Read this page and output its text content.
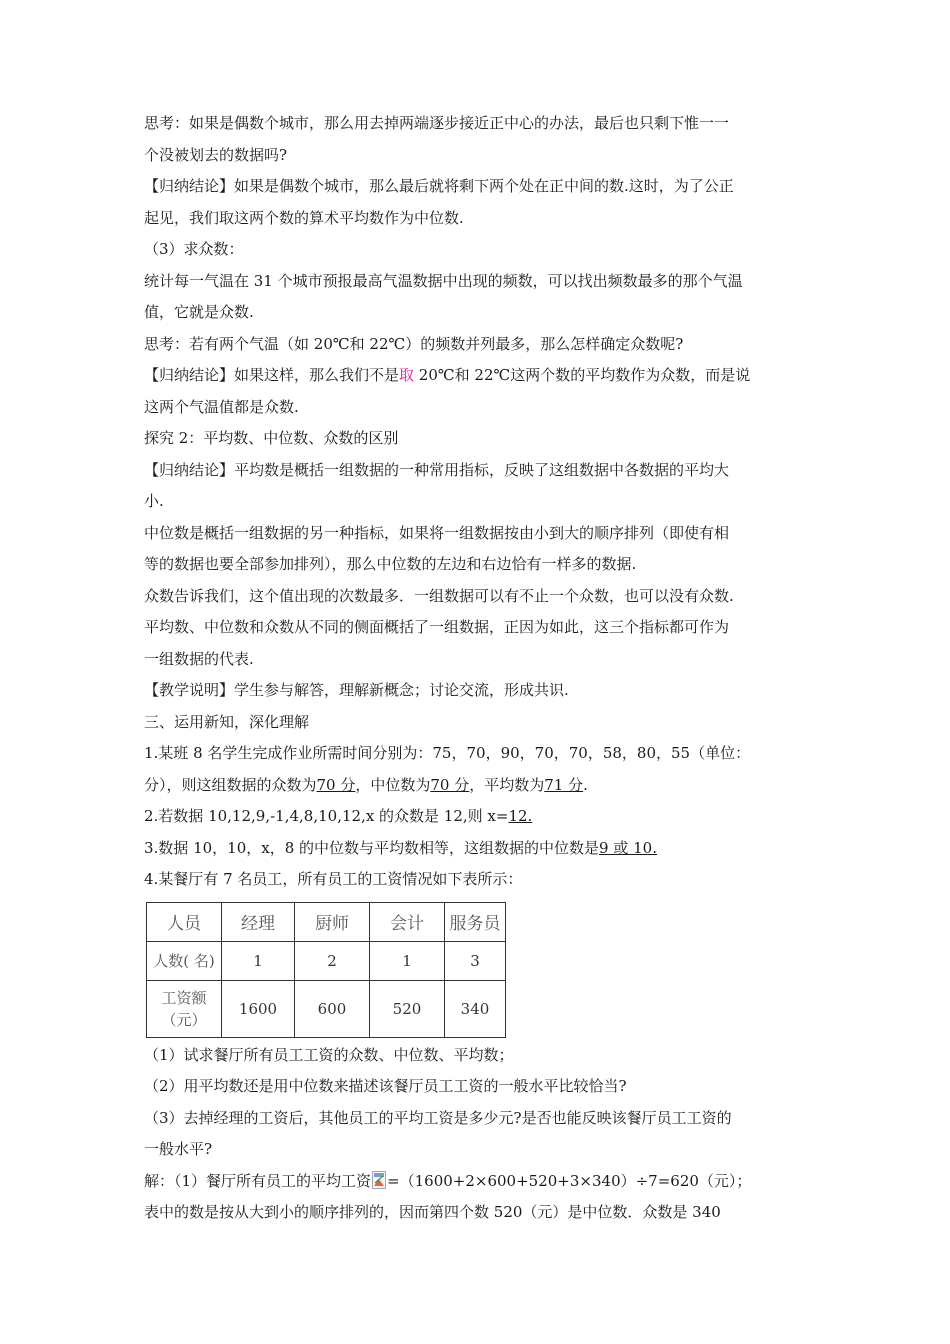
思考：如果是偶数个城市，那么用去掉两端逐步接近正中心的办法，最后也只剩下惟一一

个没被划去的数据吗?

【归纳结论】如果是偶数个城市，那么最后就将剩下两个处在正中间的数.这时，为了公正

起见，我们取这两个数的算术平均数作为中位数.

（3）求众数：

统计每一气温在 31 个城市预报最高气温数据中出现的频数，可以找出频数最多的那个气温

值，它就是众数.

思考：若有两个气温（如 20℃和 22℃）的频数并列最多，那么怎样确定众数呢?

【归纳结论】如果这样，那么我们不是取 20℃和 22℃这两个数的平均数作为众数，而是说

这两个气温值都是众数.

探究 2：平均数、中位数、众数的区别

【归纳结论】平均数是概括一组数据的一种常用指标，反映了这组数据中各数据的平均大

小.

中位数是概括一组数据的另一种指标，如果将一组数据按由小到大的顺序排列（即使有相

等的数据也要全部参加排列），那么中位数的左边和右边恰有一样多的数据.

众数告诉我们，这个值出现的次数最多．一组数据可以有不止一个众数，也可以没有众数.

平均数、中位数和众数从不同的侧面概括了一组数据，正因为如此，这三个指标都可作为

一组数据的代表.

【教学说明】学生参与解答，理解新概念；讨论交流，形成共识.

三、运用新知，深化理解

1.某班 8 名学生完成作业所需时间分别为：75，70，90，70，70，58，80，55（单位：

分），则这组数据的众数为70 分，中位数为70 分，平均数为71 分.

2.若数据 10,12,9,-1,4,8,10,12,x 的众数是 12,则 x=12.

3.数据 10，10，x，8 的中位数与平均数相等，这组数据的中位数是9 或 10.

4.某餐厅有 7 名员工，所有员工的工资情况如下表所示：

人员	经理	厨师	会计	服务员
人数( 名)	1	2	1	3
工资额
（元）	1600	600	520	340

（1）试求餐厅所有员工工资的众数、中位数、平均数；

（2）用平均数还是用中位数来描述该餐厅员工工资的一般水平比较恰当?

（3）去掉经理的工资后，其他员工的平均工资是多少元?是否也能反映该餐厅员工工资的

一般水平?

解：（1）餐厅所有员工的平均工资 =（1600+2×600+520+3×340）÷7=620（元）；

表中的数是按从大到小的顺序排列的，因而第四个数 520（元）是中位数．众数是 340
